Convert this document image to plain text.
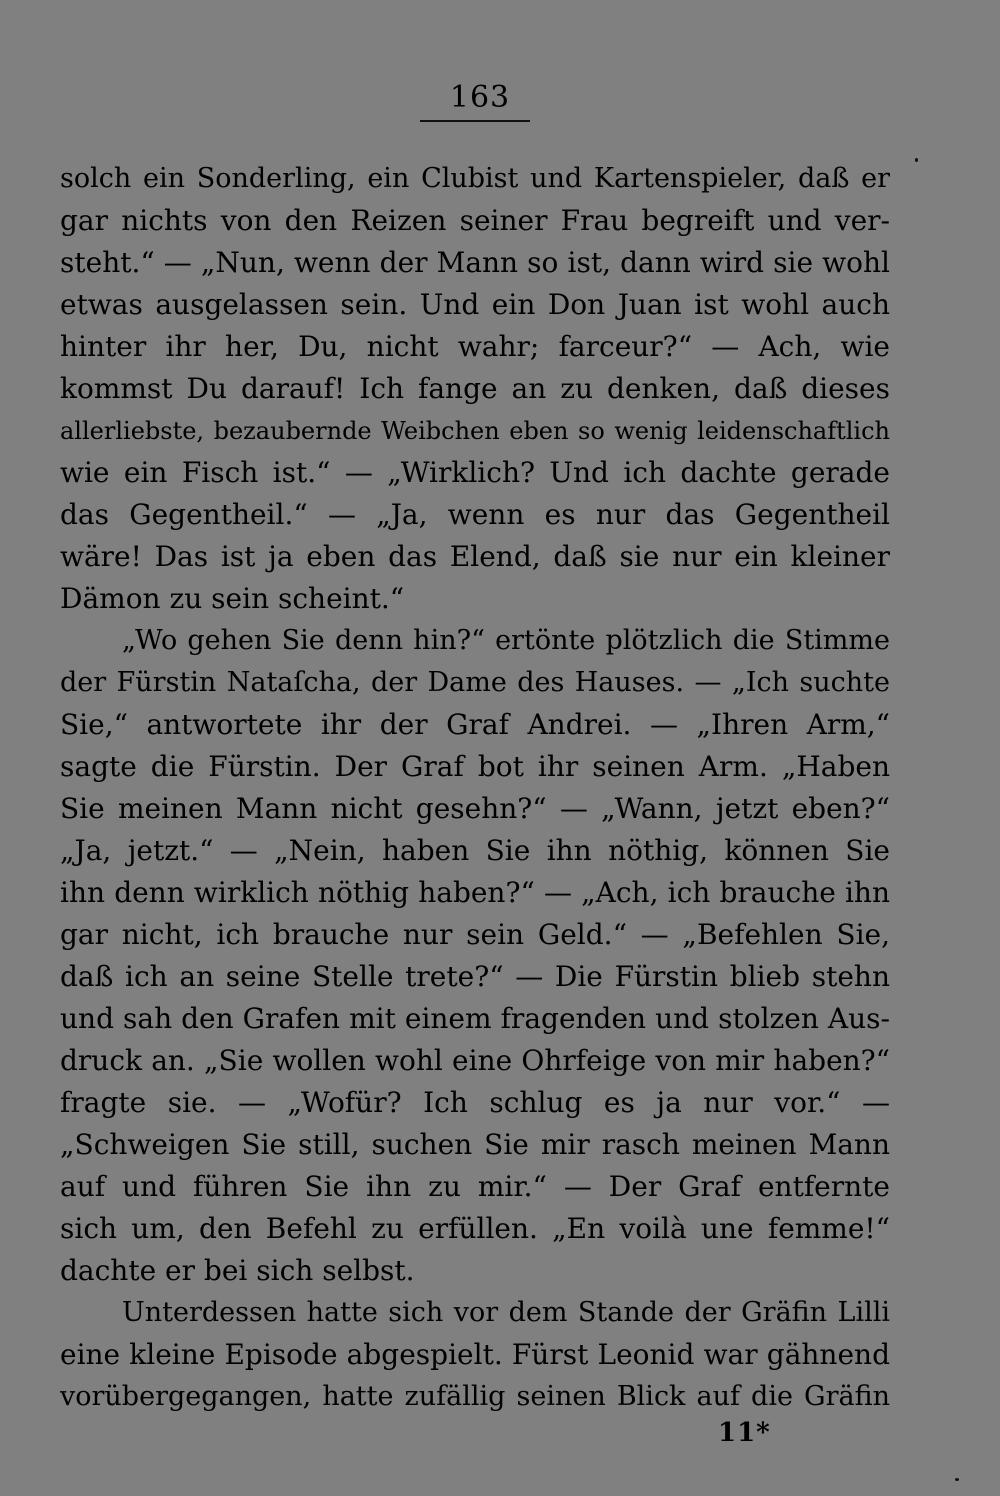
163
solch ein Sonderling, ein Clubist und Kartenspieler, daß er
gar nichts von den Reizen seiner Frau begreift und ver-
steht.“ — „Nun, wenn der Mann so ist, dann wird sie wohl
etwas ausgelassen sein. Und ein Don Juan ist wohl auch
hinter ihr her, Du, nicht wahr; farceur?“ — Ach, wie
kommst Du darauf! Ich fange an zu denken, daß dieses
allerliebste, bezaubernde Weibchen eben so wenig leidenschaftlich
wie ein Fisch ist.“ — „Wirklich? Und ich dachte gerade
das Gegentheil.“ — „Ja, wenn es nur das Gegentheil
wäre! Das ist ja eben das Elend, daß sie nur ein kleiner
Dämon zu sein scheint.“
„Wo gehen Sie denn hin?“ ertönte plötzlich die Stimme
der Fürstin Nataſcha, der Dame des Hauses. — „Ich suchte
Sie,“ antwortete ihr der Graf Andrei. — „Ihren Arm,“
sagte die Fürstin. Der Graf bot ihr seinen Arm. „Haben
Sie meinen Mann nicht gesehn?“ — „Wann, jetzt eben?“
„Ja, jetzt.“ — „Nein, haben Sie ihn nöthig, können Sie
ihn denn wirklich nöthig haben?“ — „Ach, ich brauche ihn
gar nicht, ich brauche nur sein Geld.“ — „Befehlen Sie,
daß ich an seine Stelle trete?“ — Die Fürstin blieb stehn
und sah den Grafen mit einem fragenden und stolzen Aus-
druck an. „Sie wollen wohl eine Ohrfeige von mir haben?“
fragte sie. — „Wofür? Ich schlug es ja nur vor.“ —
„Schweigen Sie still, suchen Sie mir rasch meinen Mann
auf und führen Sie ihn zu mir.“ — Der Graf entfernte
sich um, den Befehl zu erfüllen. „En voilà une femme!“
dachte er bei sich selbst.
Unterdessen hatte sich vor dem Stande der Gräfin Lilli
eine kleine Episode abgespielt. Fürst Leonid war gähnend
vorübergegangen, hatte zufällig seinen Blick auf die Gräfin
11*
